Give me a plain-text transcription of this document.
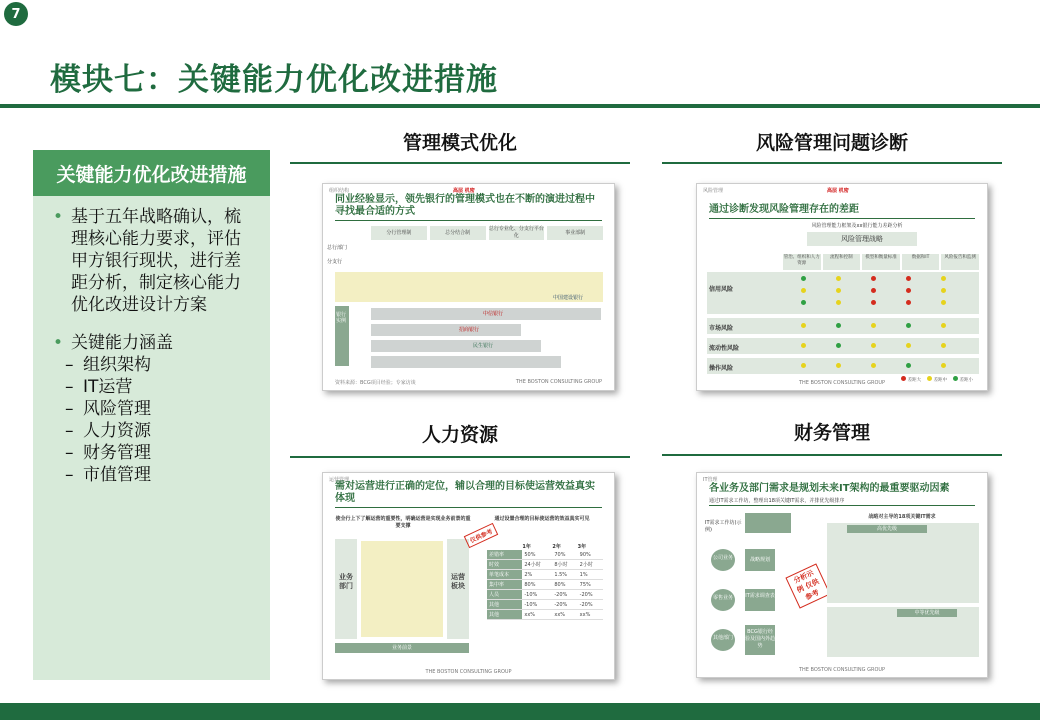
7
模块七：关键能力优化改进措施
关键能力优化改进措施
• 基于五年战略确认，梳理核心能力要求，评估甲方银行现状，进行差距分析，制定核心能力优化改进设计方案
• 关键能力涵盖
– 组织架构
– IT运营
– 风险管理
– 人力资源
– 财务管理
– 市值管理
管理模式优化	风险管理问题诊断
人力资源	财务管理
组织结构	高层 机密
同业经验显示，领先银行的管理模式也在不断的演进过程中寻找最合适的方式
分行管理制	总分结合制
总行专业化、分支行平台化	事业部制
总行部门
分支行
银行实例
中信银行
招商银行
民生银行
中国建设银行
资料来源：BCG项目经验；专家访谈	THE BOSTON CONSULTING GROUP
风险管理	高层 机密
通过诊断发现风险管理存在的差距
风险管理能力框架及xx银行能力差距分析
风险管理战略
管治、组织和人力资源
流程和控制	模型和衡量标准	数据和IT	风险报告和监测
信用风险
市场风险
流动性风险
操作风险
差距大	差距中	差距小
THE BOSTON CONSULTING GROUP
运营管理
需对运营进行正确的定位，辅以合理的目标使运营效益真实体现
使全行上下了解运营的重要性，明确运营是实现业务前景的重要支撑
通过设置合理的目标使运营的效益真实可见
业务部门
运营板块
业务前景
仅供参考
	1年	2年	3年
差错率	50%	70%	90%
时效	24小时	8小时	2小时
单笔成本	2%	1.5%	1%
集中率	80%	80%	75%
人员	-10%	-20%	-20%
其他	-10%	-20%	-20%
其他	xx%	xx%	xx%
THE BOSTON CONSULTING GROUP
IT管理
各业务及部门需求是规划未来IT架构的最重要驱动因素
通过IT需求工作坊，整理出18项关键IT需求，并排优先级排序
IT需求工作坊(示例)
战略对主导的18项关键IT需求
公司业务
零售业务
其他部门
战略规划
IT需求调查表
BCG银行经验及国内外趋势
分析示例 仅供参考
高优先级
中等优先级
THE BOSTON CONSULTING GROUP
